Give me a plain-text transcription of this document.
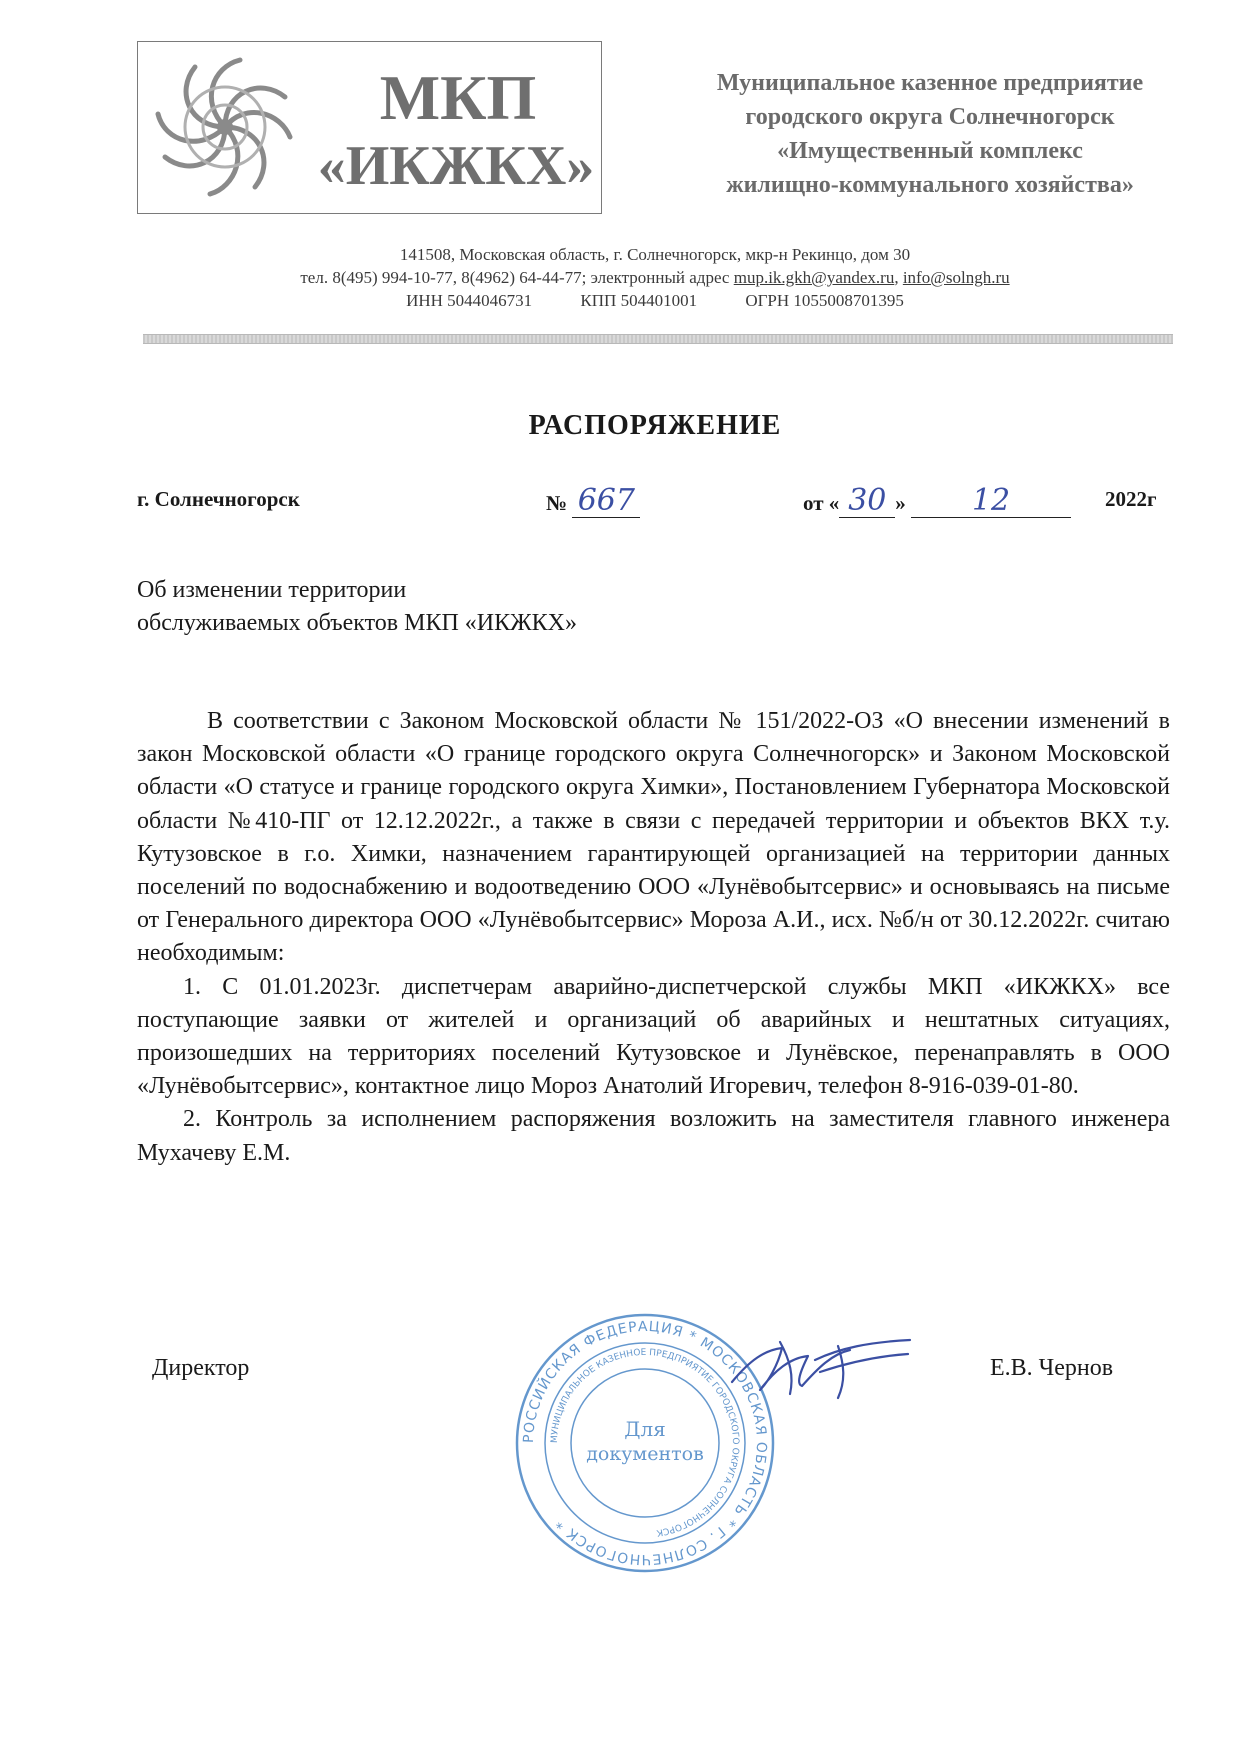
МКП
«ИКЖКХ»
Муниципальное казенное предприятие
городского округа Солнечногорск
«Имущественный комплекс
жилищно-коммунального хозяйства»
141508, Московская область, г. Солнечногорск, мкр-н Рекинцо, дом 30
тел. 8(495) 994-10-77, 8(4962) 64-44-77; электронный адрес mup.ik.gkh@yandex.ru, info@solngh.ru
ИНН 5044046731	КПП 504401001	ОГРН 1055008701395
РАСПОРЯЖЕНИЕ
г. Солнечногорск	№ 667	от « 30 » 12	2022г
Об изменении территории
обслуживаемых объектов МКП «ИКЖКХ»

В соответствии с Законом Московской области № 151/2022-ОЗ «О внесении изменений в закон Московской области «О границе городского округа Солнечногорск» и Законом Московской области «О статусе и границе городского округа Химки», Постановлением Губернатора Московской области №410-ПГ от 12.12.2022г., а также в связи с передачей территории и объектов ВКХ т.у. Кутузовское в г.о. Химки, назначением гарантирующей организацией на территории данных поселений по водоснабжению и водоотведению ООО «Лунёвобытсервис» и основываясь на письме от Генерального директора ООО «Лунёвобытсервис» Мороза А.И., исх. №б/н от 30.12.2022г. считаю необходимым:

1. С 01.01.2023г. диспетчерам аварийно-диспетчерской службы МКП «ИКЖКХ» все поступающие заявки от жителей и организаций об аварийных и нештатных ситуациях, произошедших на территориях поселений Кутузовское и Лунёвское, перенаправлять в ООО «Лунёвобытсервис», контактное лицо Мороз Анатолий Игоревич, телефон 8-916-039-01-80.

2. Контроль за исполнением распоряжения возложить на заместителя главного инженера Мухачеву Е.М.

РОССИЙСКАЯ ФЕДЕРАЦИЯ * МОСКОВСКАЯ ОБЛАСТЬ * Г. СОЛНЕЧНОГОРСК *
МУНИЦИПАЛЬНОЕ КАЗЕННОЕ ПРЕДПРИЯТИЕ ГОРОДСКОГО ОКРУГА СОЛНЕЧНОГОРСК
Для
документов
Директор	Е.В. Чернов
